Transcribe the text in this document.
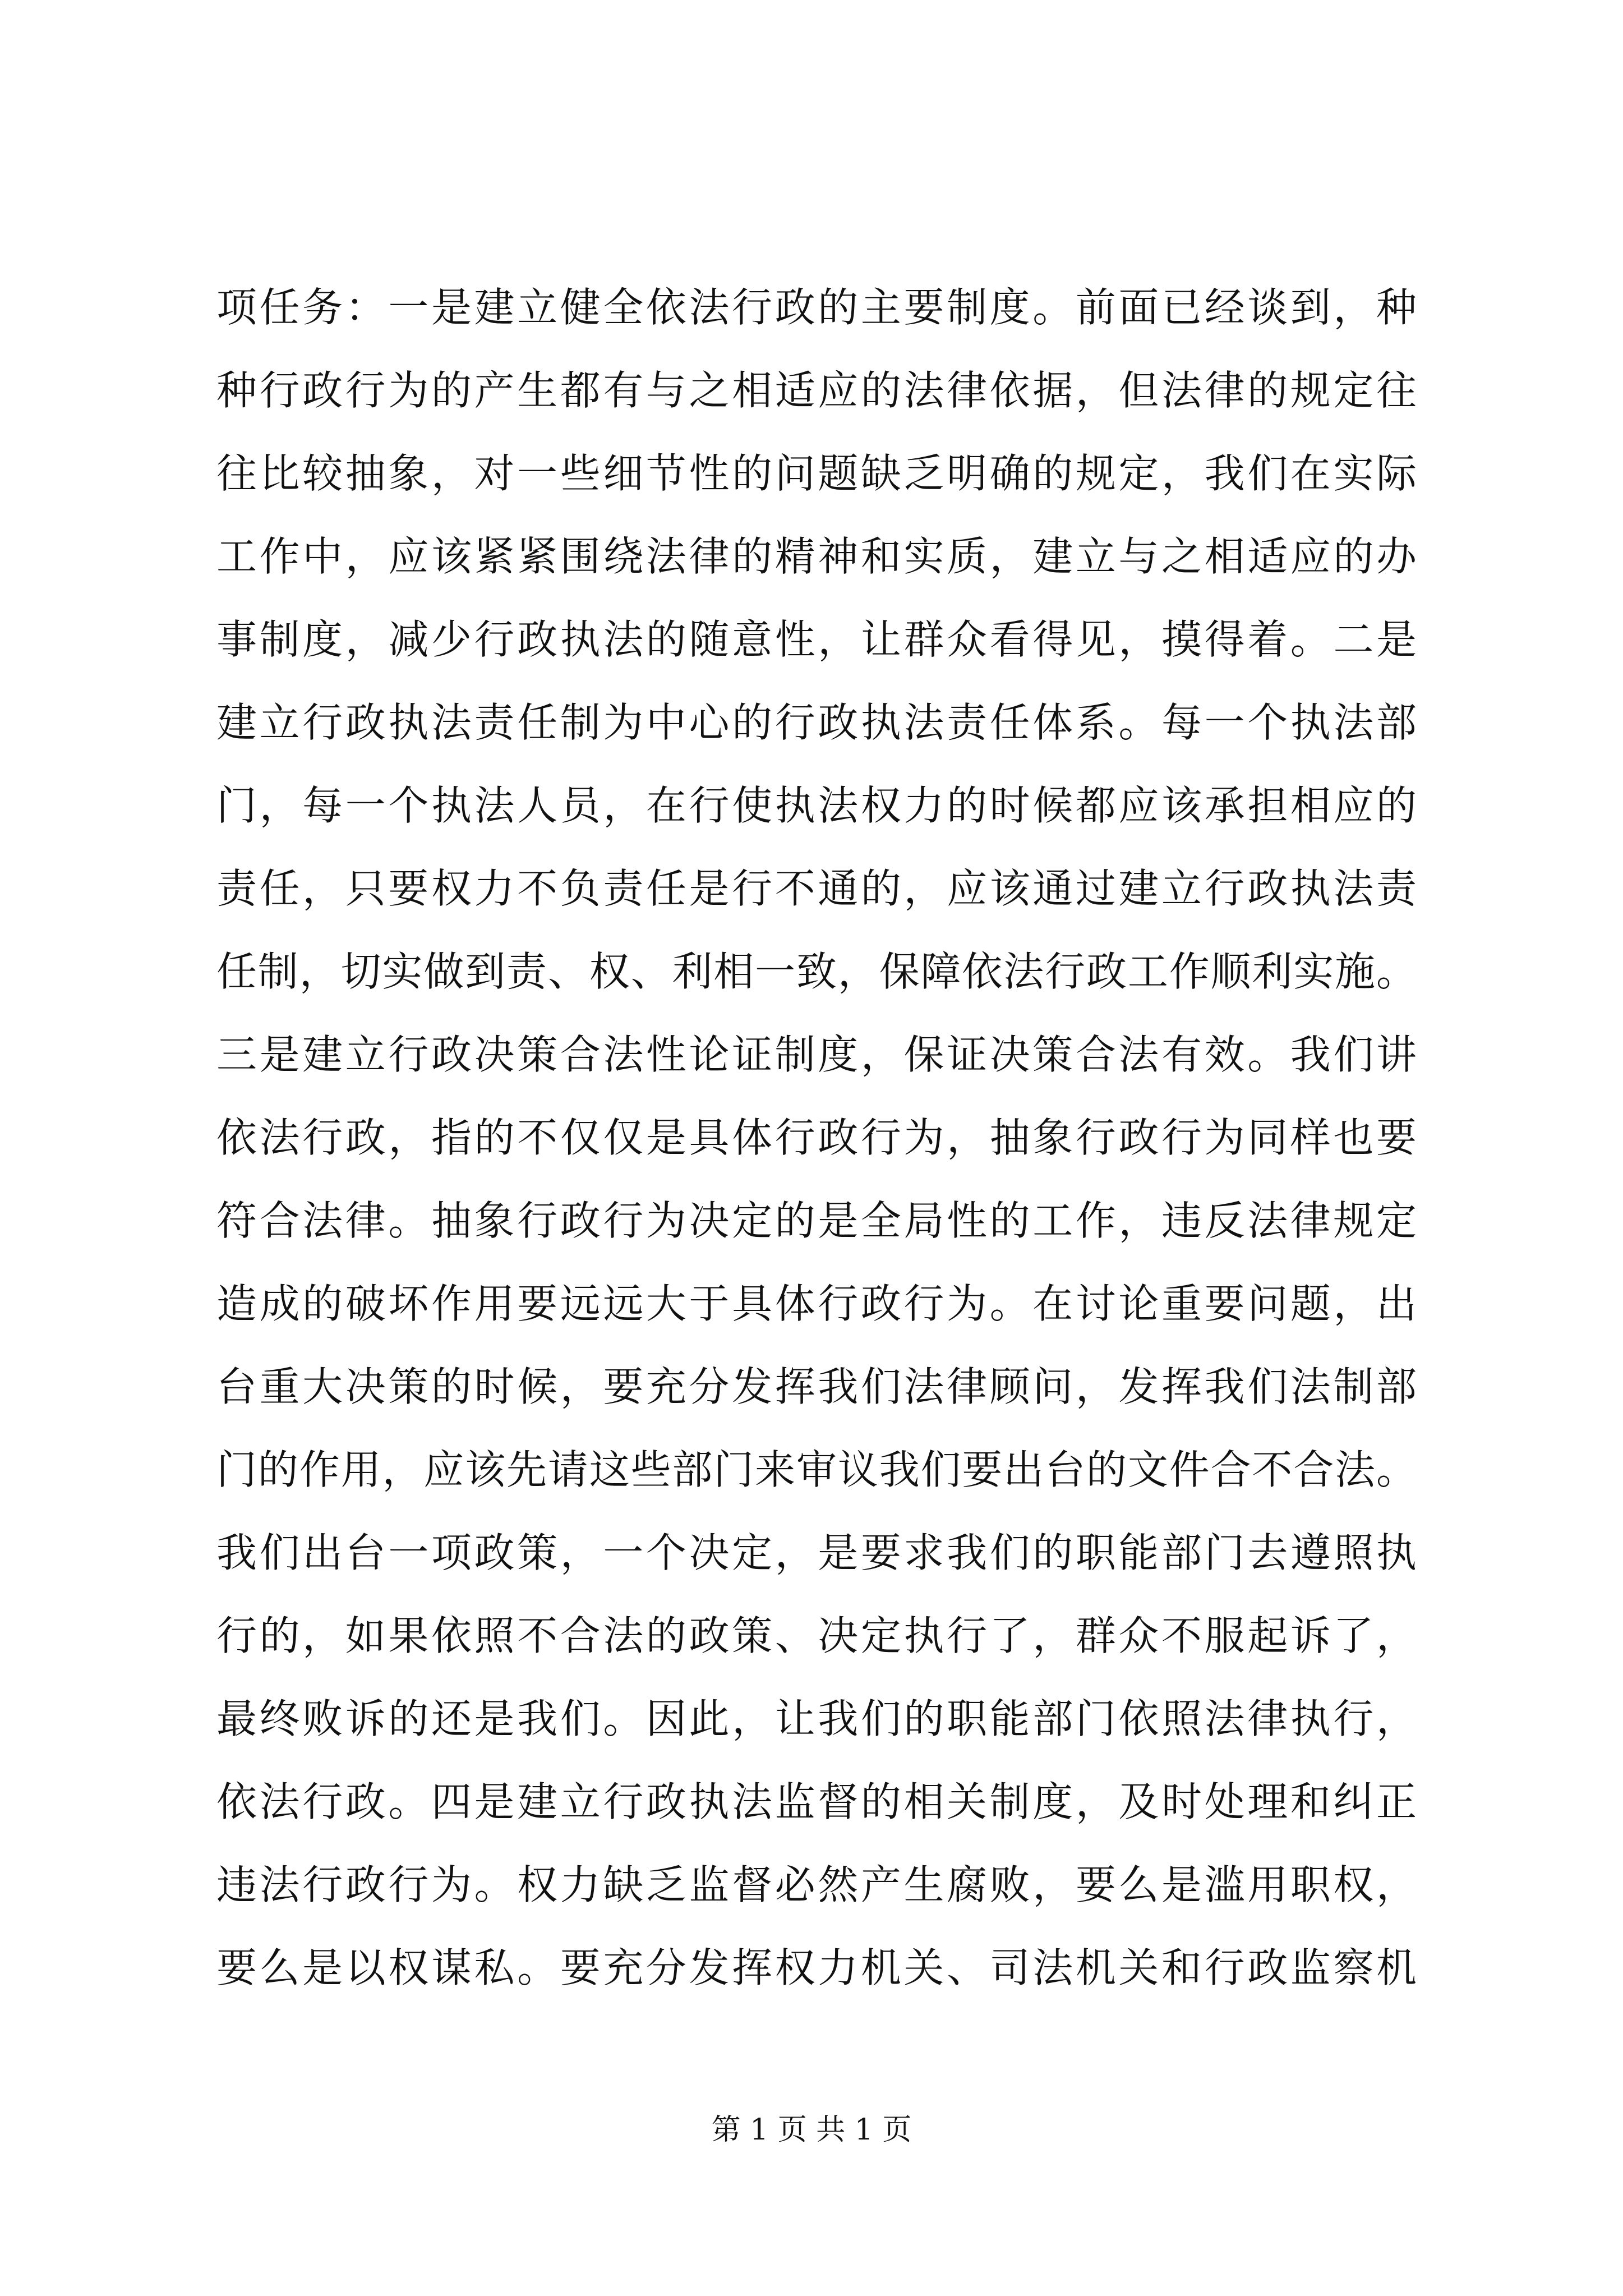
项任务：一是建立健全依法行政的主要制度。前面已经谈到，种
种行政行为的产生都有与之相适应的法律依据，但法律的规定往
往比较抽象，对一些细节性的问题缺乏明确的规定，我们在实际
工作中，应该紧紧围绕法律的精神和实质，建立与之相适应的办
事制度，减少行政执法的随意性，让群众看得见，摸得着。二是
建立行政执法责任制为中心的行政执法责任体系。每一个执法部
门，每一个执法人员，在行使执法权力的时候都应该承担相应的
责任，只要权力不负责任是行不通的，应该通过建立行政执法责
任制，切实做到责、权、利相一致，保障依法行政工作顺利实施。
三是建立行政决策合法性论证制度，保证决策合法有效。我们讲
依法行政，指的不仅仅是具体行政行为，抽象行政行为同样也要
符合法律。抽象行政行为决定的是全局性的工作，违反法律规定
造成的破坏作用要远远大于具体行政行为。在讨论重要问题，出
台重大决策的时候，要充分发挥我们法律顾问，发挥我们法制部
门的作用，应该先请这些部门来审议我们要出台的文件合不合法。
我们出台一项政策，一个决定，是要求我们的职能部门去遵照执
行的，如果依照不合法的政策、决定执行了，群众不服起诉了，
最终败诉的还是我们。因此，让我们的职能部门依照法律执行，
依法行政。四是建立行政执法监督的相关制度，及时处理和纠正
违法行政行为。权力缺乏监督必然产生腐败，要么是滥用职权，
要么是以权谋私。要充分发挥权力机关、司法机关和行政监察机
第 1 页 共 1 页
